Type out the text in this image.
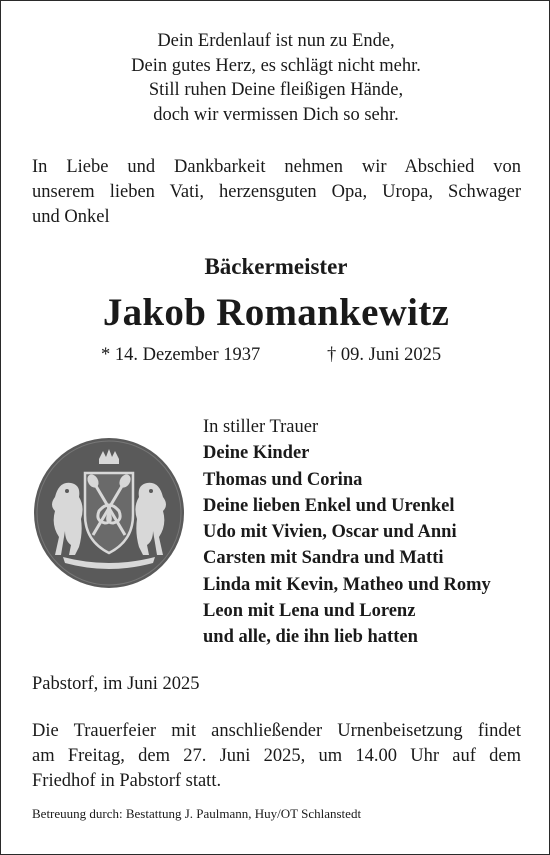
Dein Erdenlauf ist nun zu Ende,
Dein gutes Herz, es schlägt nicht mehr.
Still ruhen Deine fleißigen Hände,
doch wir vermissen Dich so sehr.
In Liebe und Dankbarkeit nehmen wir Abschied von
unserem lieben Vati, herzensguten Opa, Uropa, Schwager
und Onkel
Bäckermeister
Jakob Romankewitz
* 14. Dezember 1937	† 09. Juni 2025
In stiller Trauer
Deine Kinder
Thomas und Corina
Deine lieben Enkel und Urenkel
Udo mit Vivien, Oscar und Anni
Carsten mit Sandra und Matti
Linda mit Kevin, Matheo und Romy
Leon mit Lena und Lorenz
und alle, die ihn lieb hatten
Pabstorf, im Juni 2025
Die Trauerfeier mit anschließender Urnenbeisetzung findet
am Freitag, dem 27. Juni 2025, um 14.00 Uhr auf dem
Friedhof in Pabstorf statt.
Betreuung durch: Bestattung J. Paulmann, Huy/OT Schlanstedt
